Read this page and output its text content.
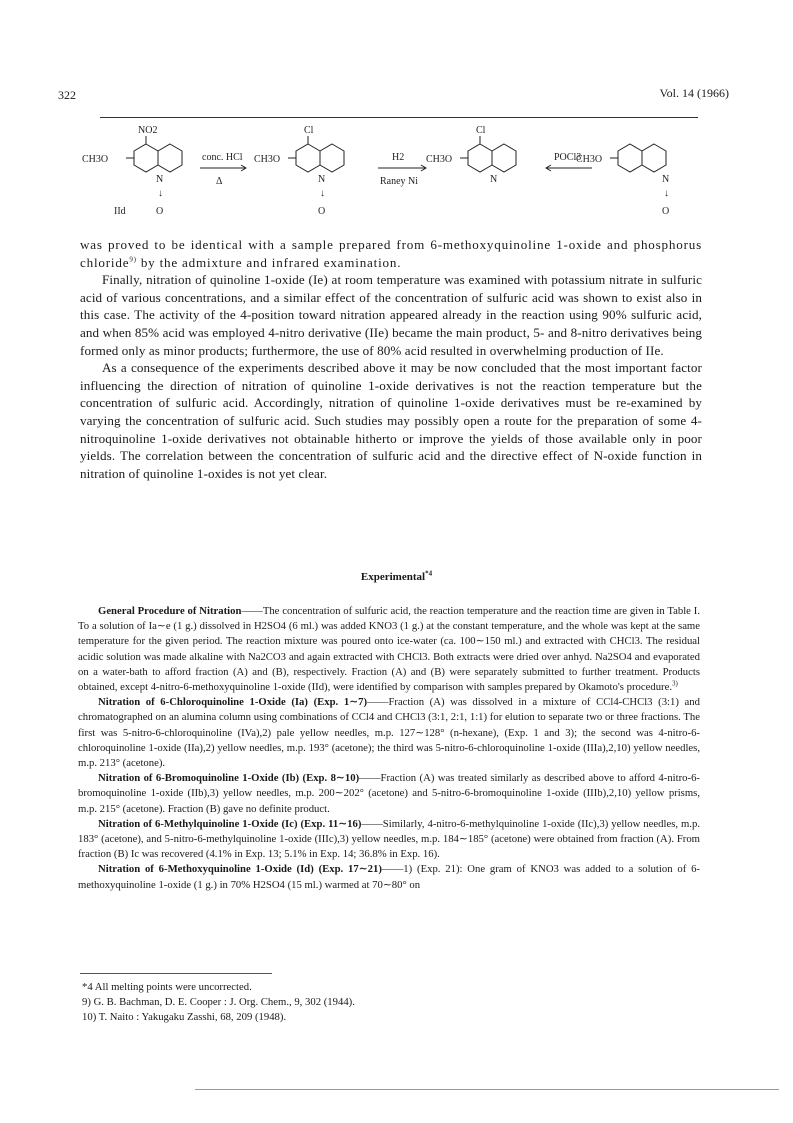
322	Vol. 14 (1966)
NO2
CH3O
N
↓
O
IId
conc. HCl
Δ
Cl
CH3O
N
↓
O
H2
Raney Ni
Cl
CH3O
N
POCl3
CH3O
N
↓
O

was proved to be identical with a sample prepared from 6-methoxyquinoline 1-oxide and phosphorus chloride$^{9)}$ by the admixture and infrared examination.

Finally, nitration of quinoline 1-oxide (Ie) at room temperature was examined with potassium nitrate in sulfuric acid of various concentrations, and a similar effect of the concentration of sulfuric acid was shown to exist also in this case. The activity of the 4-position toward nitration appeared already in the reaction using 90% sulfuric acid, and when 85% acid was employed 4-nitro derivative (IIe) became the main product, 5- and 8-nitro derivatives being formed only as minor products; furthermore, the use of 80% acid resulted in overwhelming production of IIe.

As a consequence of the experiments described above it may be now concluded that the most important factor influencing the direction of nitration of quinoline 1-oxide derivatives is not the reaction temperature but the concentration of sulfuric acid. Accordingly, nitration of quinoline 1-oxide derivatives must be re-examined by varying the concentration of sulfuric acid. Such studies may possibly open a route for the preparation of some 4-nitroquinoline 1-oxide derivatives not obtainable hitherto or improve the yields of those available only in poor yields. The correlation between the concentration of sulfuric acid and the directive effect of N-oxide function in nitration of quinoline 1-oxides is not yet clear.

Experimental$^{*4}$

General Procedure of Nitration——The concentration of sulfuric acid, the reaction temperature and the reaction time are given in Table I. To a solution of Ia∼e (1 g.) dissolved in H2SO4 (6 ml.) was added KNO3 (1 g.) at the constant temperature, and the whole was kept at the same temperature for the given period. The reaction mixture was poured onto ice-water (ca. 100∼150 ml.) and extracted with CHCl3. The residual acidic solution was made alkaline with Na2CO3 and again extracted with CHCl3. Both extracts were dried over anhyd. Na2SO4 and evaporated on a water-bath to afford fraction (A) and (B), respectively. Fraction (A) and (B) were separately submitted to further treatment. Products obtained, except 4-nitro-6-methoxyquinoline 1-oxide (IId), were identified by comparison with samples prepared by Okamoto's procedure.$^{3)}$

Nitration of 6-Chloroquinoline 1-Oxide (Ia) (Exp. 1∼7)——Fraction (A) was dissolved in a mixture of CCl4-CHCl3 (3:1) and chromatographed on an alumina column using combinations of CCl4 and CHCl3 (3:1, 2:1, 1:1) for elution to separate two or three fractions. The first was 5-nitro-6-chloroquinoline (IVa),2) pale yellow needles, m.p. 127∼128° (n-hexane), (Exp. 1 and 3); the second was 4-nitro-6-chloroquinoline 1-oxide (IIa),2) yellow needles, m.p. 193° (acetone); the third was 5-nitro-6-chloroquinoline 1-oxide (IIIa),2,10) yellow needles, m.p. 213° (acetone).

Nitration of 6-Bromoquinoline 1-Oxide (Ib) (Exp. 8∼10)——Fraction (A) was treated similarly as described above to afford 4-nitro-6-bromoquinoline 1-oxide (IIb),3) yellow needles, m.p. 200∼202° (acetone) and 5-nitro-6-bromoquinoline 1-oxide (IIIb),2,10) yellow prisms, m.p. 215° (acetone). Fraction (B) gave no definite product.

Nitration of 6-Methylquinoline 1-Oxide (Ic) (Exp. 11∼16)——Similarly, 4-nitro-6-methylquinoline 1-oxide (IIc),3) yellow needles, m.p. 183° (acetone), and 5-nitro-6-methylquinoline 1-oxide (IIIc),3) yellow needles, m.p. 184∼185° (acetone) were obtained from fraction (A). From fraction (B) Ic was recovered (4.1% in Exp. 13; 5.1% in Exp. 14; 36.8% in Exp. 16).

Nitration of 6-Methoxyquinoline 1-Oxide (Id) (Exp. 17∼21)——1) (Exp. 21): One gram of KNO3 was added to a solution of 6-methoxyquinoline 1-oxide (1 g.) in 70% H2SO4 (15 ml.) warmed at 70∼80° on

*4 All melting points were uncorrected.
9) G. B. Bachman, D. E. Cooper : J. Org. Chem., 9, 302 (1944).
10) T. Naito : Yakugaku Zasshi, 68, 209 (1948).
